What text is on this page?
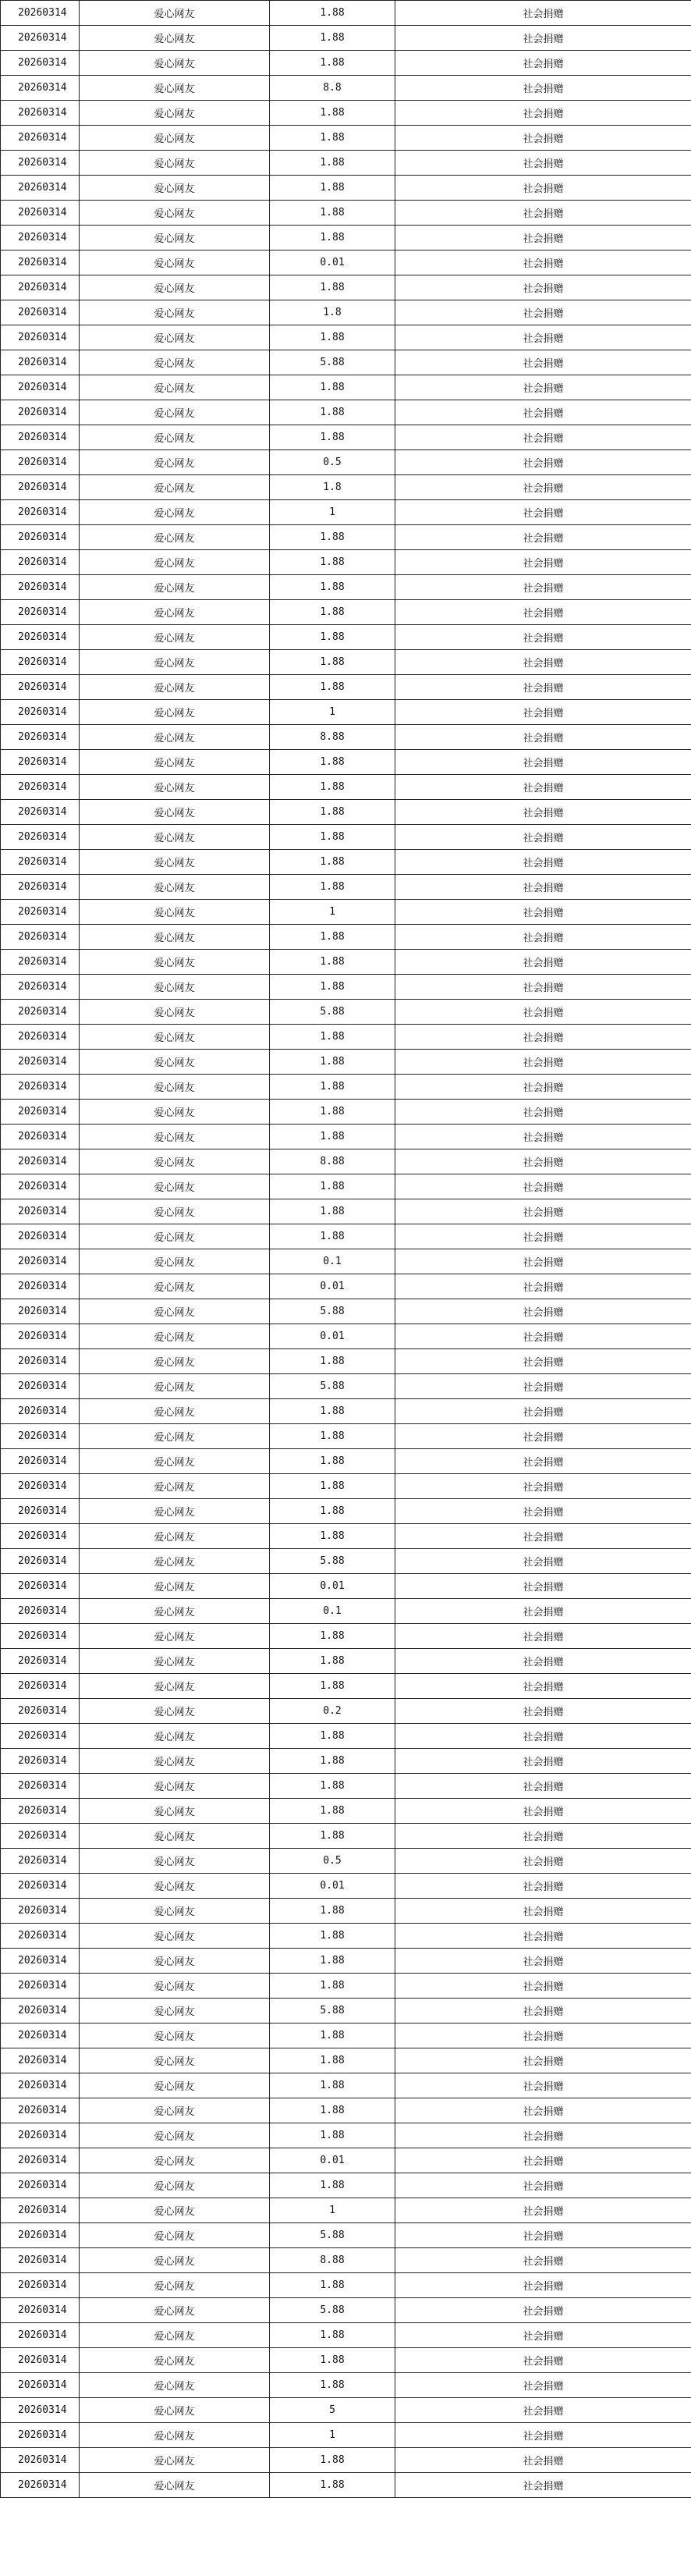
20260314	爱心网友	1.88	社会捐赠
20260314	爱心网友	1.88	社会捐赠
20260314	爱心网友	1.88	社会捐赠
20260314	爱心网友	8.8	社会捐赠
20260314	爱心网友	1.88	社会捐赠
20260314	爱心网友	1.88	社会捐赠
20260314	爱心网友	1.88	社会捐赠
20260314	爱心网友	1.88	社会捐赠
20260314	爱心网友	1.88	社会捐赠
20260314	爱心网友	1.88	社会捐赠
20260314	爱心网友	0.01	社会捐赠
20260314	爱心网友	1.88	社会捐赠
20260314	爱心网友	1.8	社会捐赠
20260314	爱心网友	1.88	社会捐赠
20260314	爱心网友	5.88	社会捐赠
20260314	爱心网友	1.88	社会捐赠
20260314	爱心网友	1.88	社会捐赠
20260314	爱心网友	1.88	社会捐赠
20260314	爱心网友	0.5	社会捐赠
20260314	爱心网友	1.8	社会捐赠
20260314	爱心网友	1	社会捐赠
20260314	爱心网友	1.88	社会捐赠
20260314	爱心网友	1.88	社会捐赠
20260314	爱心网友	1.88	社会捐赠
20260314	爱心网友	1.88	社会捐赠
20260314	爱心网友	1.88	社会捐赠
20260314	爱心网友	1.88	社会捐赠
20260314	爱心网友	1.88	社会捐赠
20260314	爱心网友	1	社会捐赠
20260314	爱心网友	8.88	社会捐赠
20260314	爱心网友	1.88	社会捐赠
20260314	爱心网友	1.88	社会捐赠
20260314	爱心网友	1.88	社会捐赠
20260314	爱心网友	1.88	社会捐赠
20260314	爱心网友	1.88	社会捐赠
20260314	爱心网友	1.88	社会捐赠
20260314	爱心网友	1	社会捐赠
20260314	爱心网友	1.88	社会捐赠
20260314	爱心网友	1.88	社会捐赠
20260314	爱心网友	1.88	社会捐赠
20260314	爱心网友	5.88	社会捐赠
20260314	爱心网友	1.88	社会捐赠
20260314	爱心网友	1.88	社会捐赠
20260314	爱心网友	1.88	社会捐赠
20260314	爱心网友	1.88	社会捐赠
20260314	爱心网友	1.88	社会捐赠
20260314	爱心网友	8.88	社会捐赠
20260314	爱心网友	1.88	社会捐赠
20260314	爱心网友	1.88	社会捐赠
20260314	爱心网友	1.88	社会捐赠
20260314	爱心网友	0.1	社会捐赠
20260314	爱心网友	0.01	社会捐赠
20260314	爱心网友	5.88	社会捐赠
20260314	爱心网友	0.01	社会捐赠
20260314	爱心网友	1.88	社会捐赠
20260314	爱心网友	5.88	社会捐赠
20260314	爱心网友	1.88	社会捐赠
20260314	爱心网友	1.88	社会捐赠
20260314	爱心网友	1.88	社会捐赠
20260314	爱心网友	1.88	社会捐赠
20260314	爱心网友	1.88	社会捐赠
20260314	爱心网友	1.88	社会捐赠
20260314	爱心网友	5.88	社会捐赠
20260314	爱心网友	0.01	社会捐赠
20260314	爱心网友	0.1	社会捐赠
20260314	爱心网友	1.88	社会捐赠
20260314	爱心网友	1.88	社会捐赠
20260314	爱心网友	1.88	社会捐赠
20260314	爱心网友	0.2	社会捐赠
20260314	爱心网友	1.88	社会捐赠
20260314	爱心网友	1.88	社会捐赠
20260314	爱心网友	1.88	社会捐赠
20260314	爱心网友	1.88	社会捐赠
20260314	爱心网友	1.88	社会捐赠
20260314	爱心网友	0.5	社会捐赠
20260314	爱心网友	0.01	社会捐赠
20260314	爱心网友	1.88	社会捐赠
20260314	爱心网友	1.88	社会捐赠
20260314	爱心网友	1.88	社会捐赠
20260314	爱心网友	1.88	社会捐赠
20260314	爱心网友	5.88	社会捐赠
20260314	爱心网友	1.88	社会捐赠
20260314	爱心网友	1.88	社会捐赠
20260314	爱心网友	1.88	社会捐赠
20260314	爱心网友	1.88	社会捐赠
20260314	爱心网友	1.88	社会捐赠
20260314	爱心网友	0.01	社会捐赠
20260314	爱心网友	1.88	社会捐赠
20260314	爱心网友	1	社会捐赠
20260314	爱心网友	5.88	社会捐赠
20260314	爱心网友	8.88	社会捐赠
20260314	爱心网友	1.88	社会捐赠
20260314	爱心网友	5.88	社会捐赠
20260314	爱心网友	1.88	社会捐赠
20260314	爱心网友	1.88	社会捐赠
20260314	爱心网友	1.88	社会捐赠
20260314	爱心网友	5	社会捐赠
20260314	爱心网友	1	社会捐赠
20260314	爱心网友	1.88	社会捐赠
20260314	爱心网友	1.88	社会捐赠
